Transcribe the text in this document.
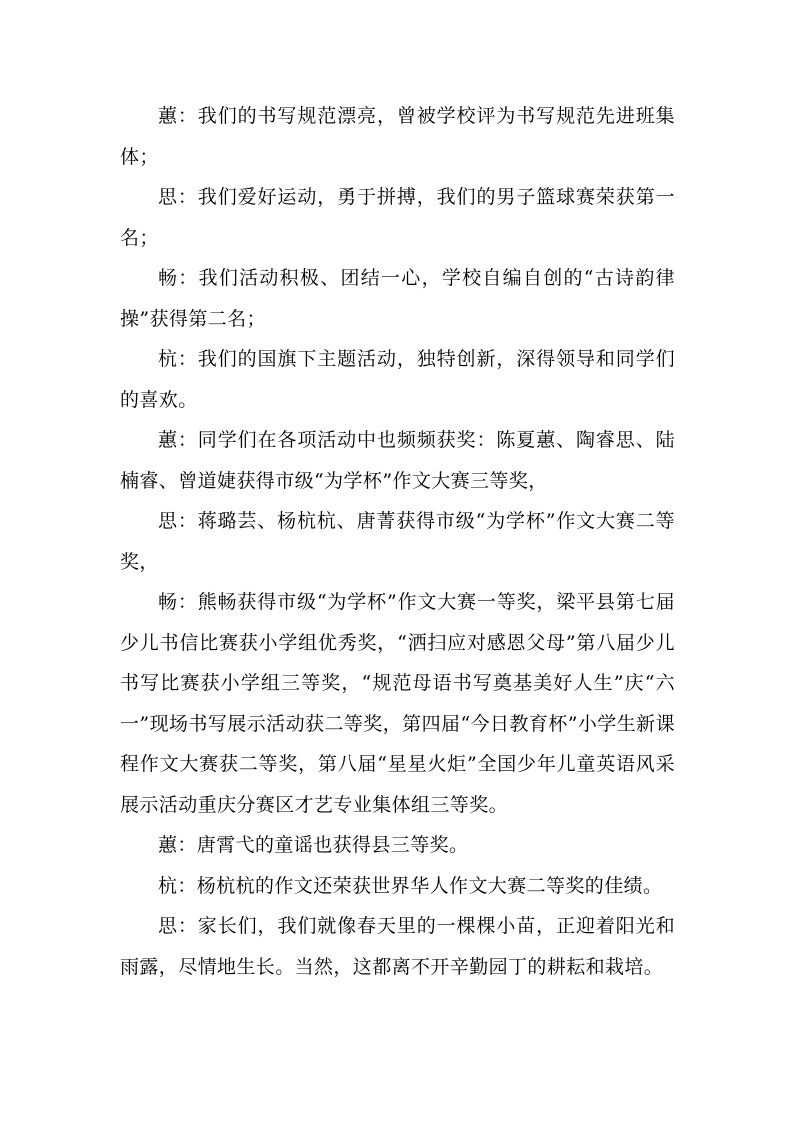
蕙：我们的书写规范漂亮，曾被学校评为书写规范先进班集体；

思：我们爱好运动，勇于拼搏，我们的男子篮球赛荣获第一名；

畅：我们活动积极、团结一心，学校自编自创的“古诗韵律操”获得第二名；

杭：我们的国旗下主题活动，独特创新，深得领导和同学们的喜欢。

蕙：同学们在各项活动中也频频获奖：陈夏蕙、陶睿思、陆楠睿、曾道婕获得市级“为学杯”作文大赛三等奖，

思：蒋璐芸、杨杭杭、唐菁获得市级“为学杯”作文大赛二等奖，

畅：熊畅获得市级“为学杯”作文大赛一等奖，梁平县第七届少儿书信比赛获小学组优秀奖，“洒扫应对感恩父母”第八届少儿书写比赛获小学组三等奖，“规范母语书写奠基美好人生”庆“六一”现场书写展示活动获二等奖，第四届“今日教育杯”小学生新课程作文大赛获二等奖，第八届“星星火炬”全国少年儿童英语风采展示活动重庆分赛区才艺专业集体组三等奖。

蕙：唐霄弋的童谣也获得县三等奖。

杭：杨杭杭的作文还荣获世界华人作文大赛二等奖的佳绩。

思：家长们，我们就像春天里的一棵棵小苗，正迎着阳光和雨露，尽情地生长。当然，这都离不开辛勤园丁的耕耘和栽培。
